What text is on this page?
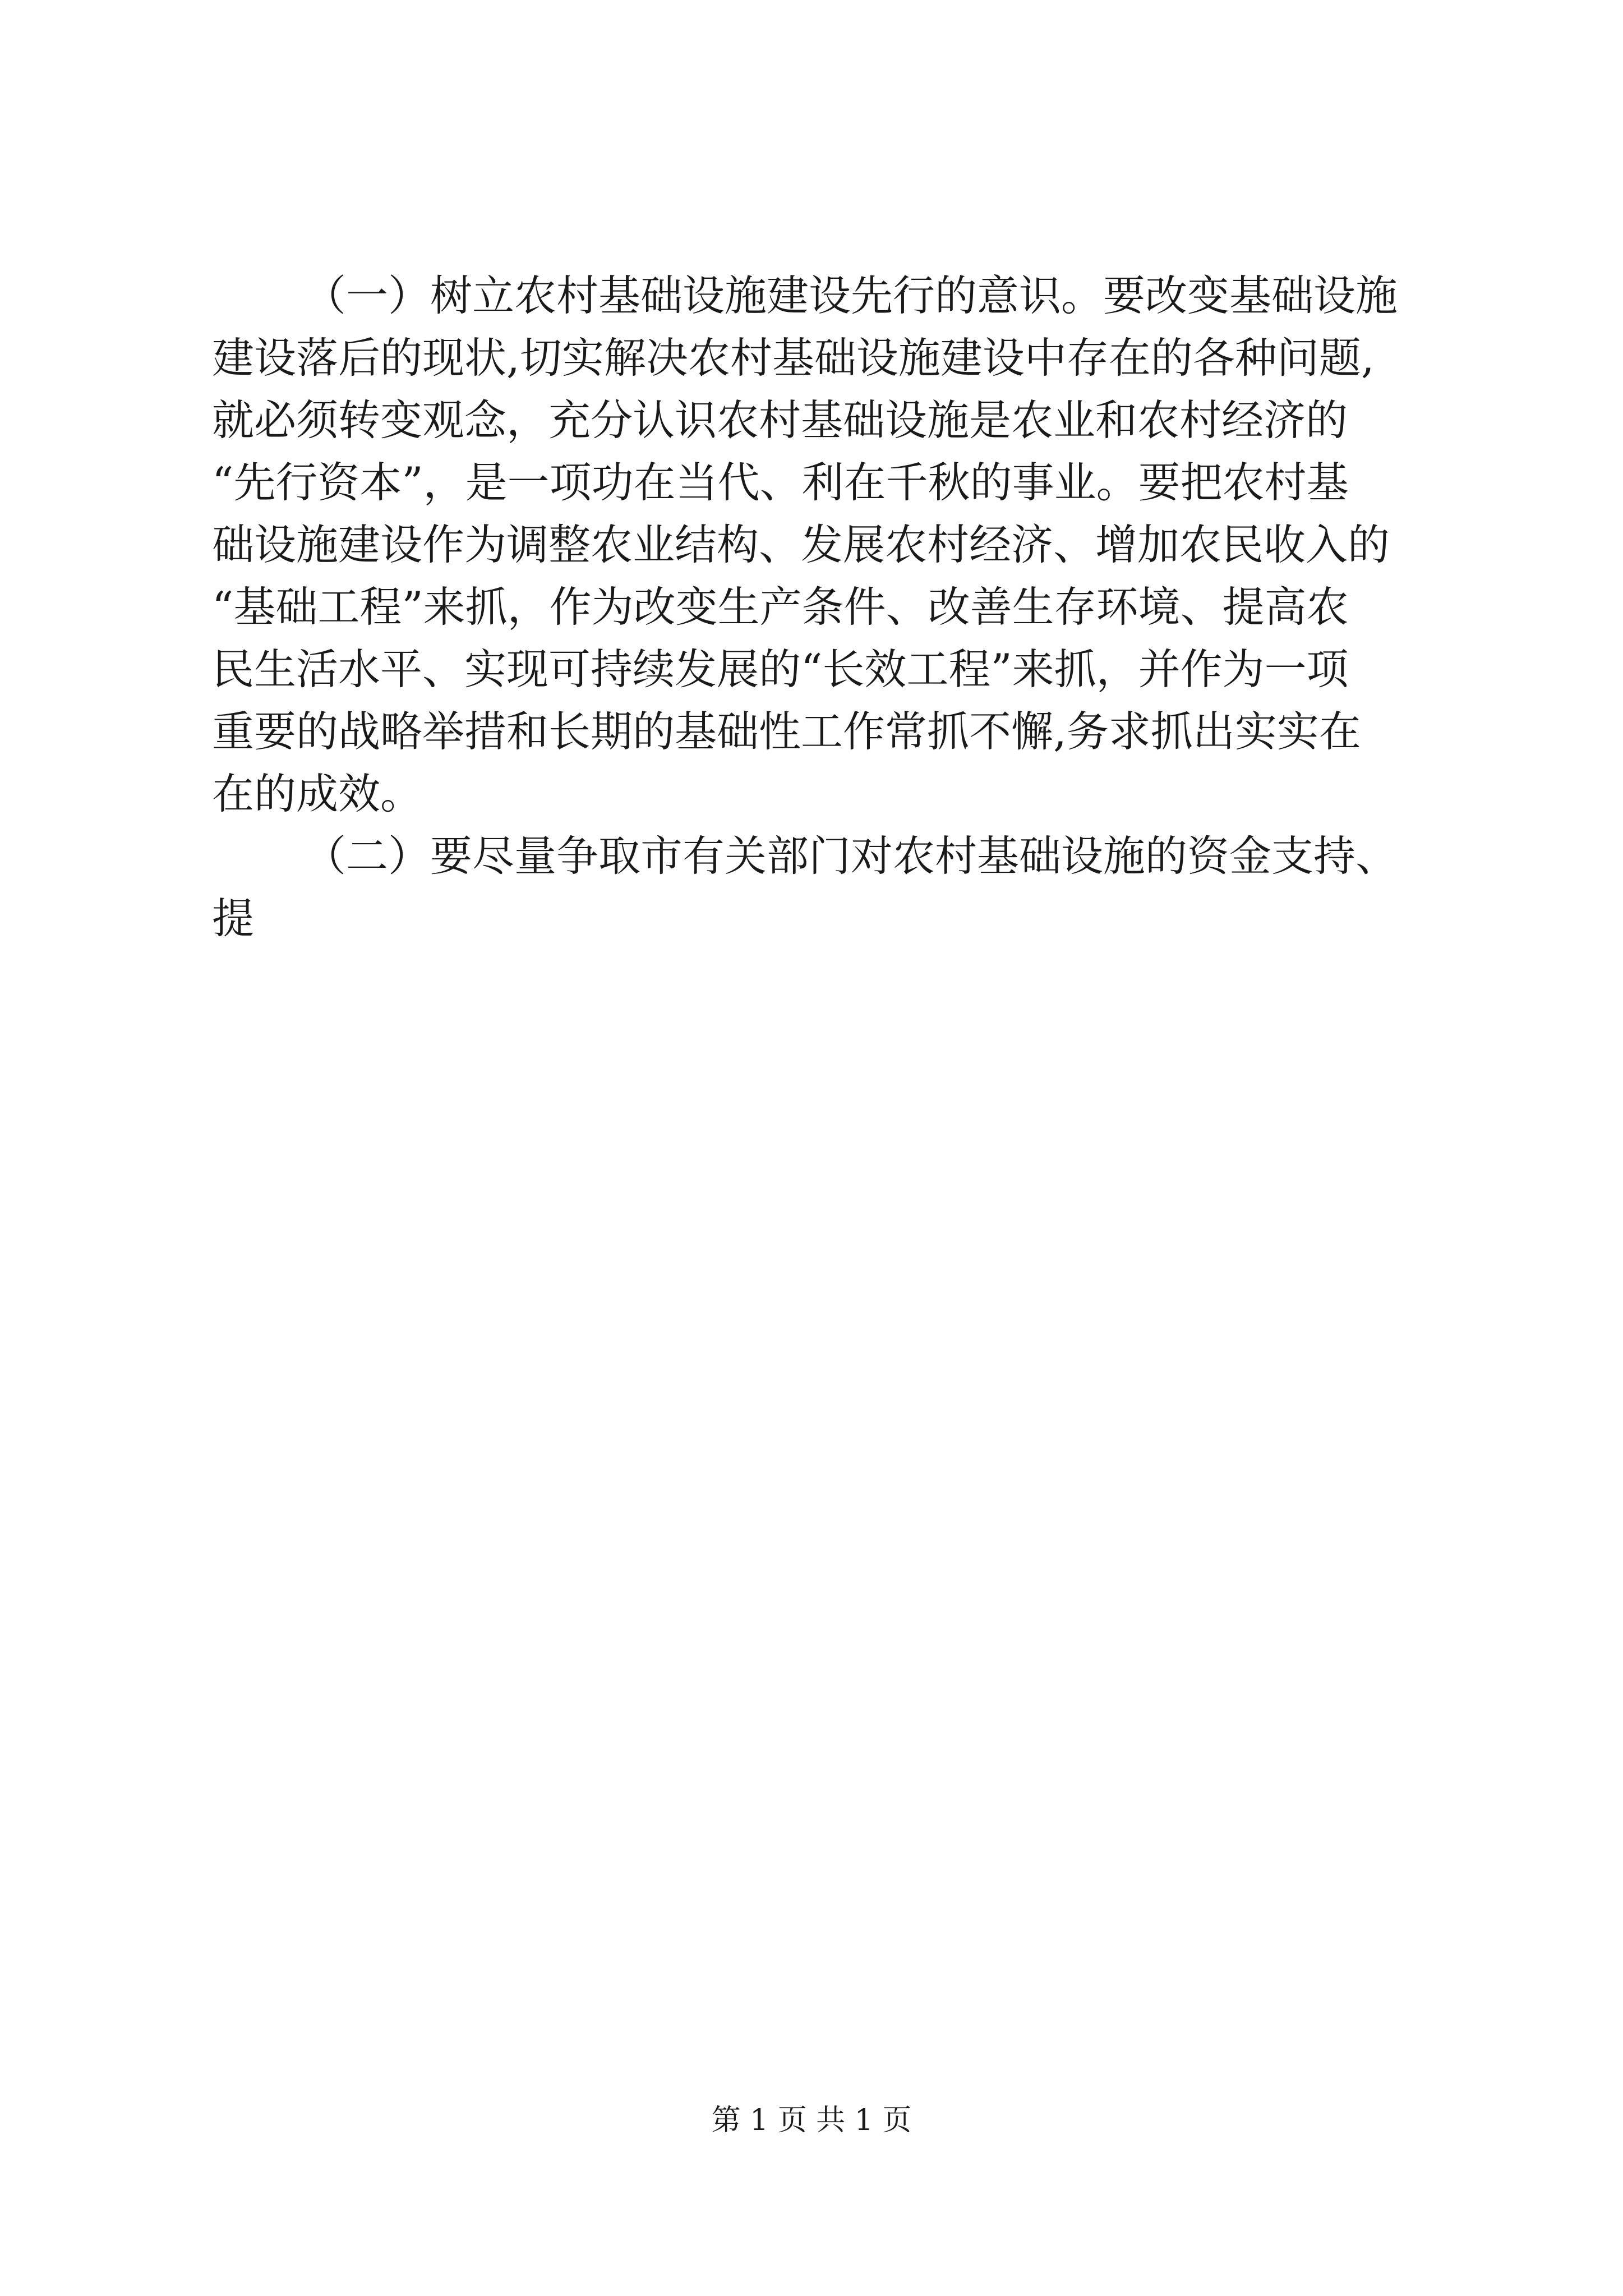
（一）树立农村基础设施建设先行的意识。要改变基础设施
建设落后的现状,切实解决农村基础设施建设中存在的各种问题,
就必须转变观念，充分认识农村基础设施是农业和农村经济的
“先行资本”，是一项功在当代、利在千秋的事业。要把农村基
础设施建设作为调整农业结构、发展农村经济、增加农民收入的
“基础工程”来抓，作为改变生产条件、改善生存环境、提高农
民生活水平、实现可持续发展的“长效工程”来抓，并作为一项
重要的战略举措和长期的基础性工作常抓不懈,务求抓出实实在
在的成效。
（二）要尽量争取市有关部门对农村基础设施的资金支持、
提
第 1 页 共 1 页
